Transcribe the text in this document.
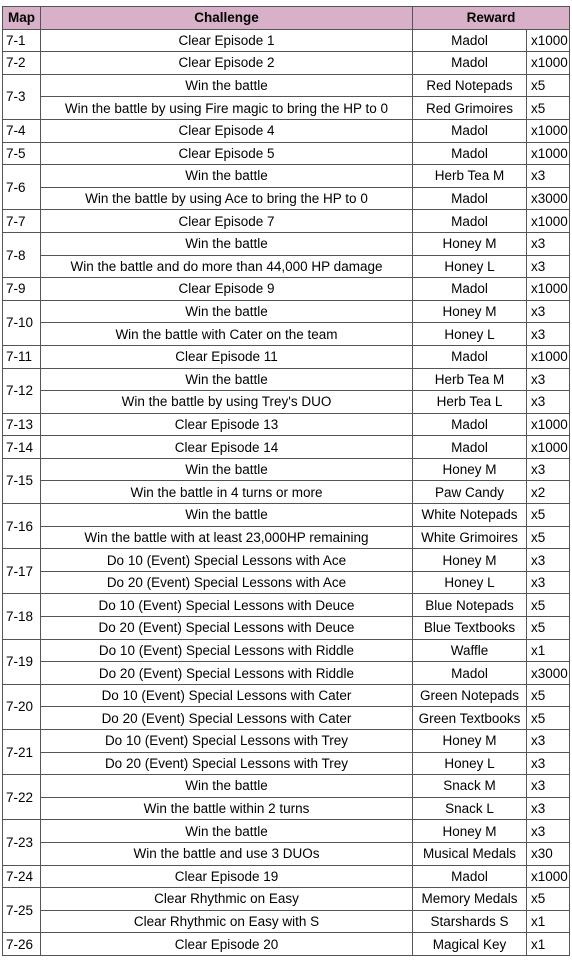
Map	Challenge	Reward	
7-1	Clear Episode 1	Madol	x1000
7-2	Clear Episode 2	Madol	x1000
7-3	Win the battle	Red Notepads	x5
	Win the battle by using Fire magic to bring the HP to 0	Red Grimoires	x5
7-4	Clear Episode 4	Madol	x1000
7-5	Clear Episode 5	Madol	x1000
7-6	Win the battle	Herb Tea M	x3
	Win the battle by using Ace to bring the HP to 0	Madol	x3000
7-7	Clear Episode 7	Madol	x1000
7-8	Win the battle	Honey M	x3
	Win the battle and do more than 44,000 HP damage	Honey L	x3
7-9	Clear Episode 9	Madol	x1000
7-10	Win the battle	Honey M	x3
	Win the battle with Cater on the team	Honey L	x3
7-11	Clear Episode 11	Madol	x1000
7-12	Win the battle	Herb Tea M	x3
	Win the battle by using Trey's DUO	Herb Tea L	x3
7-13	Clear Episode 13	Madol	x1000
7-14	Clear Episode 14	Madol	x1000
7-15	Win the battle	Honey M	x3
	Win the battle in 4 turns or more	Paw Candy	x2
7-16	Win the battle	White Notepads	x5
	Win the battle with at least 23,000HP remaining	White Grimoires	x5
7-17	Do 10 (Event) Special Lessons with Ace	Honey M	x3
	Do 20 (Event) Special Lessons with Ace	Honey L	x3
7-18	Do 10 (Event) Special Lessons with Deuce	Blue Notepads	x5
	Do 20 (Event) Special Lessons with Deuce	Blue Textbooks	x5
7-19	Do 10 (Event) Special Lessons with Riddle	Waffle	x1
	Do 20 (Event) Special Lessons with Riddle	Madol	x3000
7-20	Do 10 (Event) Special Lessons with Cater	Green Notepads	x5
	Do 20 (Event) Special Lessons with Cater	Green Textbooks	x5
7-21	Do 10 (Event) Special Lessons with Trey	Honey M	x3
	Do 20 (Event) Special Lessons with Trey	Honey L	x3
7-22	Win the battle	Snack M	x3
	Win the battle within 2 turns	Snack L	x3
7-23	Win the battle	Honey M	x3
	Win the battle and use 3 DUOs	Musical Medals	x30
7-24	Clear Episode 19	Madol	x1000
7-25	Clear Rhythmic on Easy	Memory Medals	x5
	Clear Rhythmic on Easy with S	Starshards S	x1
7-26	Clear Episode 20	Magical Key	x1
